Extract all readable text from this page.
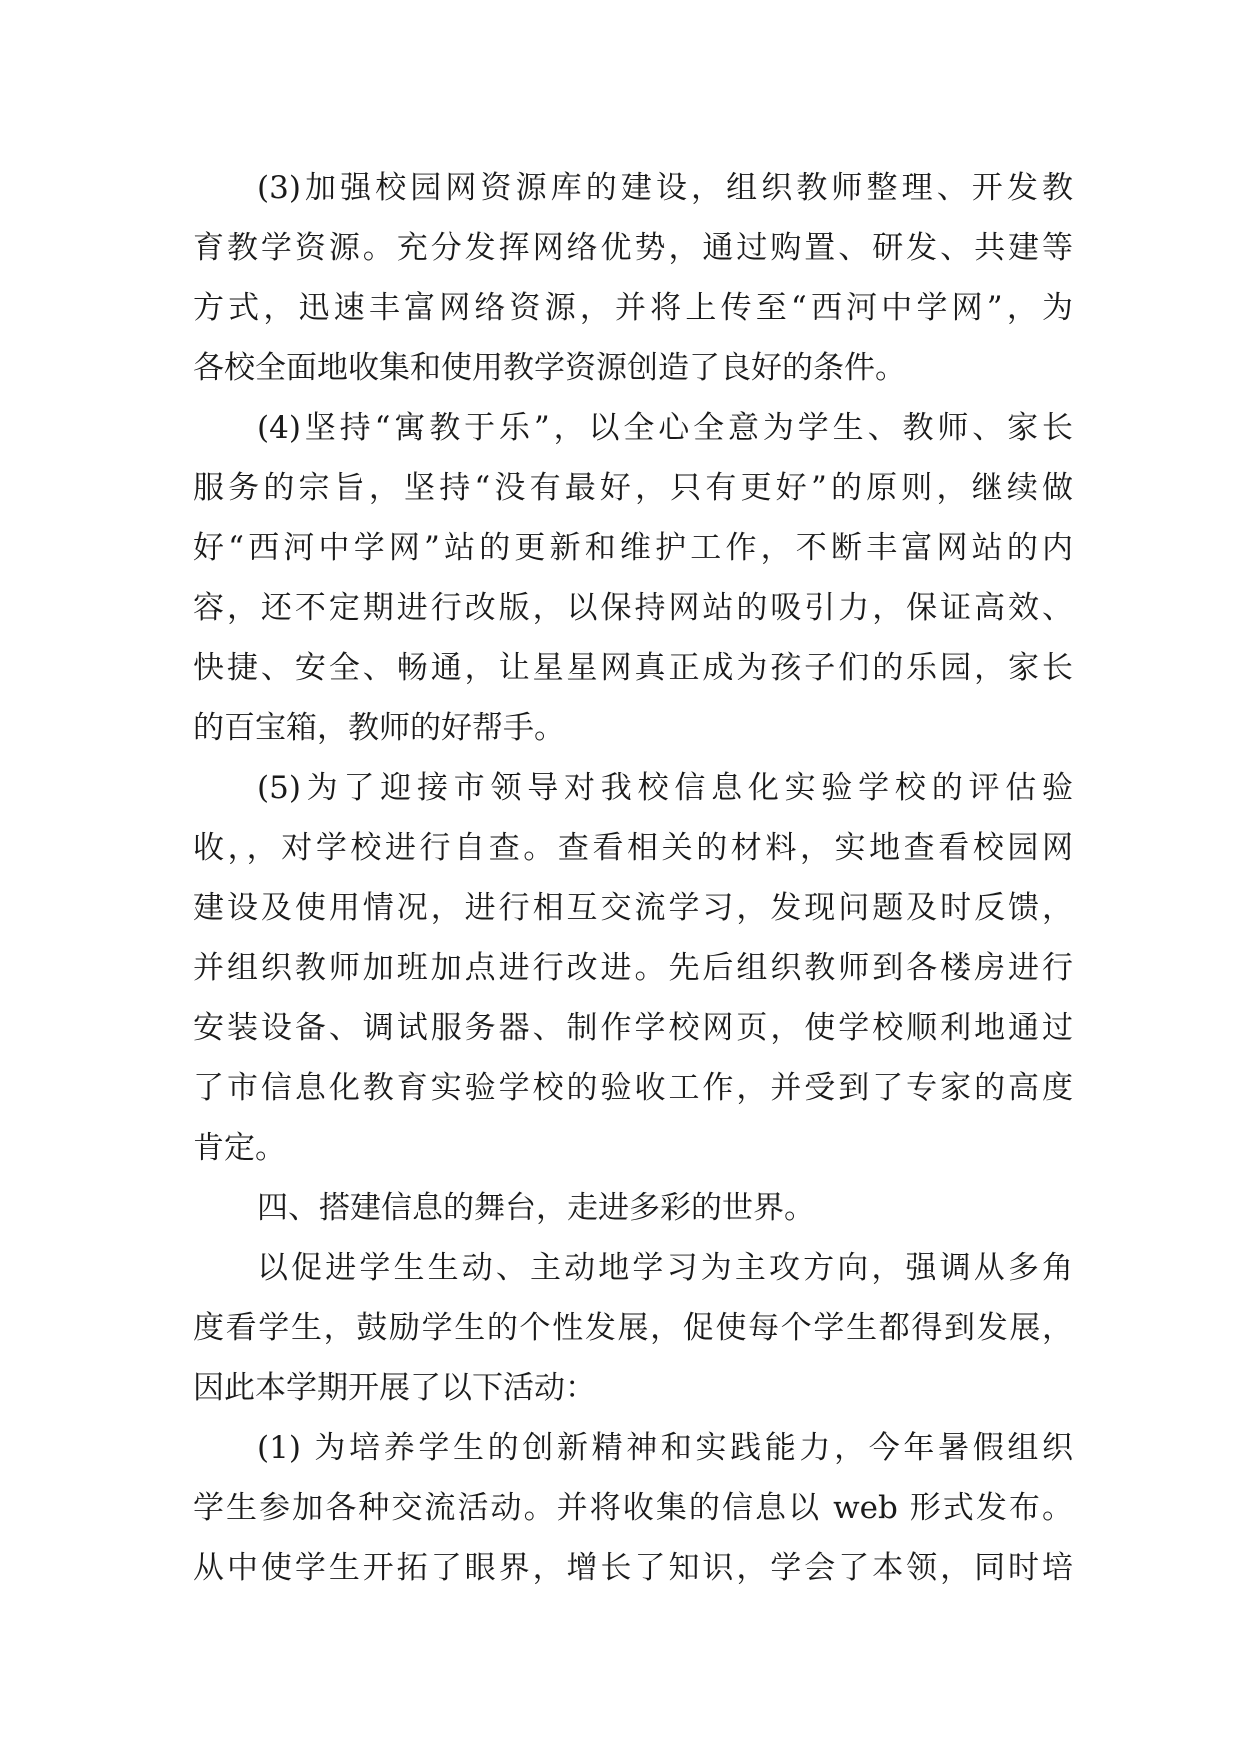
(3)加强校园网资源库的建设，组织教师整理、开发教
育教学资源。充分发挥网络优势，通过购置、研发、共建等
方式，迅速丰富网络资源，并将上传至“西河中学网”，为
各校全面地收集和使用教学资源创造了良好的条件。
(4)坚持“寓教于乐”，以全心全意为学生、教师、家长
服务的宗旨，坚持“没有最好，只有更好”的原则，继续做
好“西河中学网”站的更新和维护工作，不断丰富网站的内
容，还不定期进行改版，以保持网站的吸引力，保证高效、
快捷、安全、畅通，让星星网真正成为孩子们的乐园，家长
的百宝箱，教师的好帮手。
(5)为了迎接市领导对我校信息化实验学校的评估验
收，，对学校进行自查。查看相关的材料，实地查看校园网
建设及使用情况，进行相互交流学习，发现问题及时反馈，
并组织教师加班加点进行改进。先后组织教师到各楼房进行
安装设备、调试服务器、制作学校网页，使学校顺利地通过
了市信息化教育实验学校的验收工作，并受到了专家的高度
肯定。
四、搭建信息的舞台，走进多彩的世界。
以促进学生生动、主动地学习为主攻方向，强调从多角
度看学生，鼓励学生的个性发展，促使每个学生都得到发展，
因此本学期开展了以下活动：
(1) 为培养学生的创新精神和实践能力，今年暑假组织
学生参加各种交流活动。并将收集的信息以 web 形式发布。
从中使学生开拓了眼界，增长了知识，学会了本领，同时培
